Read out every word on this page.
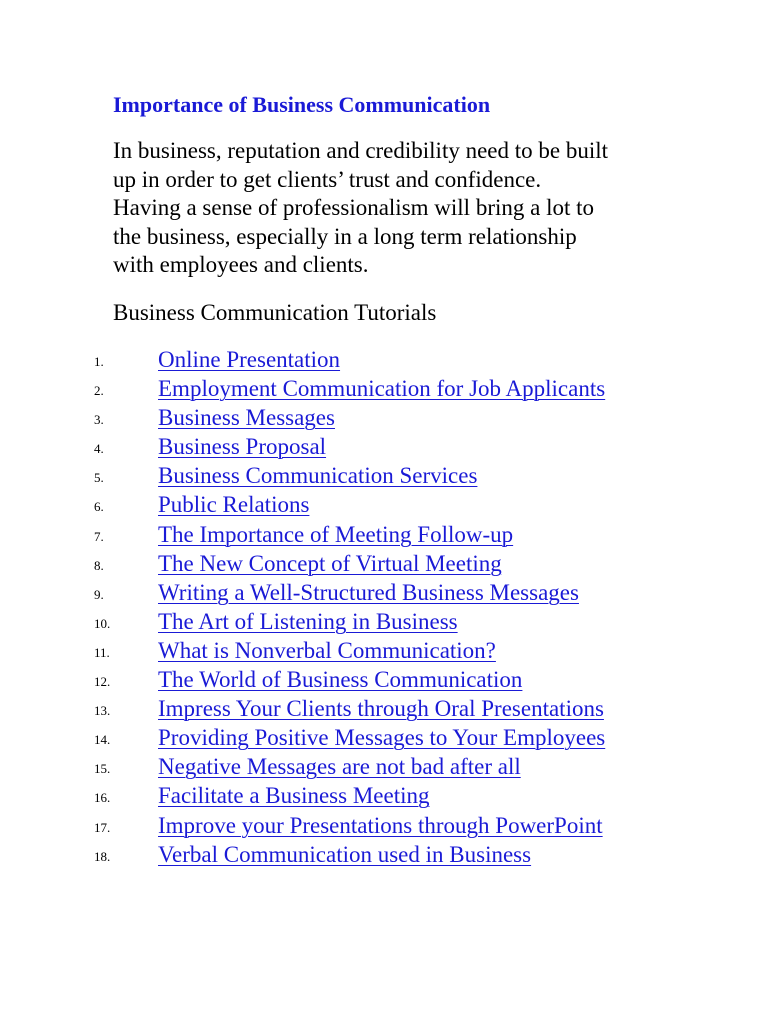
Importance of Business Communication

In business, reputation and credibility need to be built
up in order to get clients’ trust and confidence.
Having a sense of professionalism will bring a lot to
the business, especially in a long term relationship
with employees and clients.

Business Communication Tutorials

1. Online Presentation
2. Employment Communication for Job Applicants
3. Business Messages
4. Business Proposal
5. Business Communication Services
6. Public Relations
7. The Importance of Meeting Follow-up
8. The New Concept of Virtual Meeting
9. Writing a Well-Structured Business Messages
10. The Art of Listening in Business
11. What is Nonverbal Communication?
12. The World of Business Communication
13. Impress Your Clients through Oral Presentations
14. Providing Positive Messages to Your Employees
15. Negative Messages are not bad after all
16. Facilitate a Business Meeting
17. Improve your Presentations through PowerPoint
18. Verbal Communication used in Business
